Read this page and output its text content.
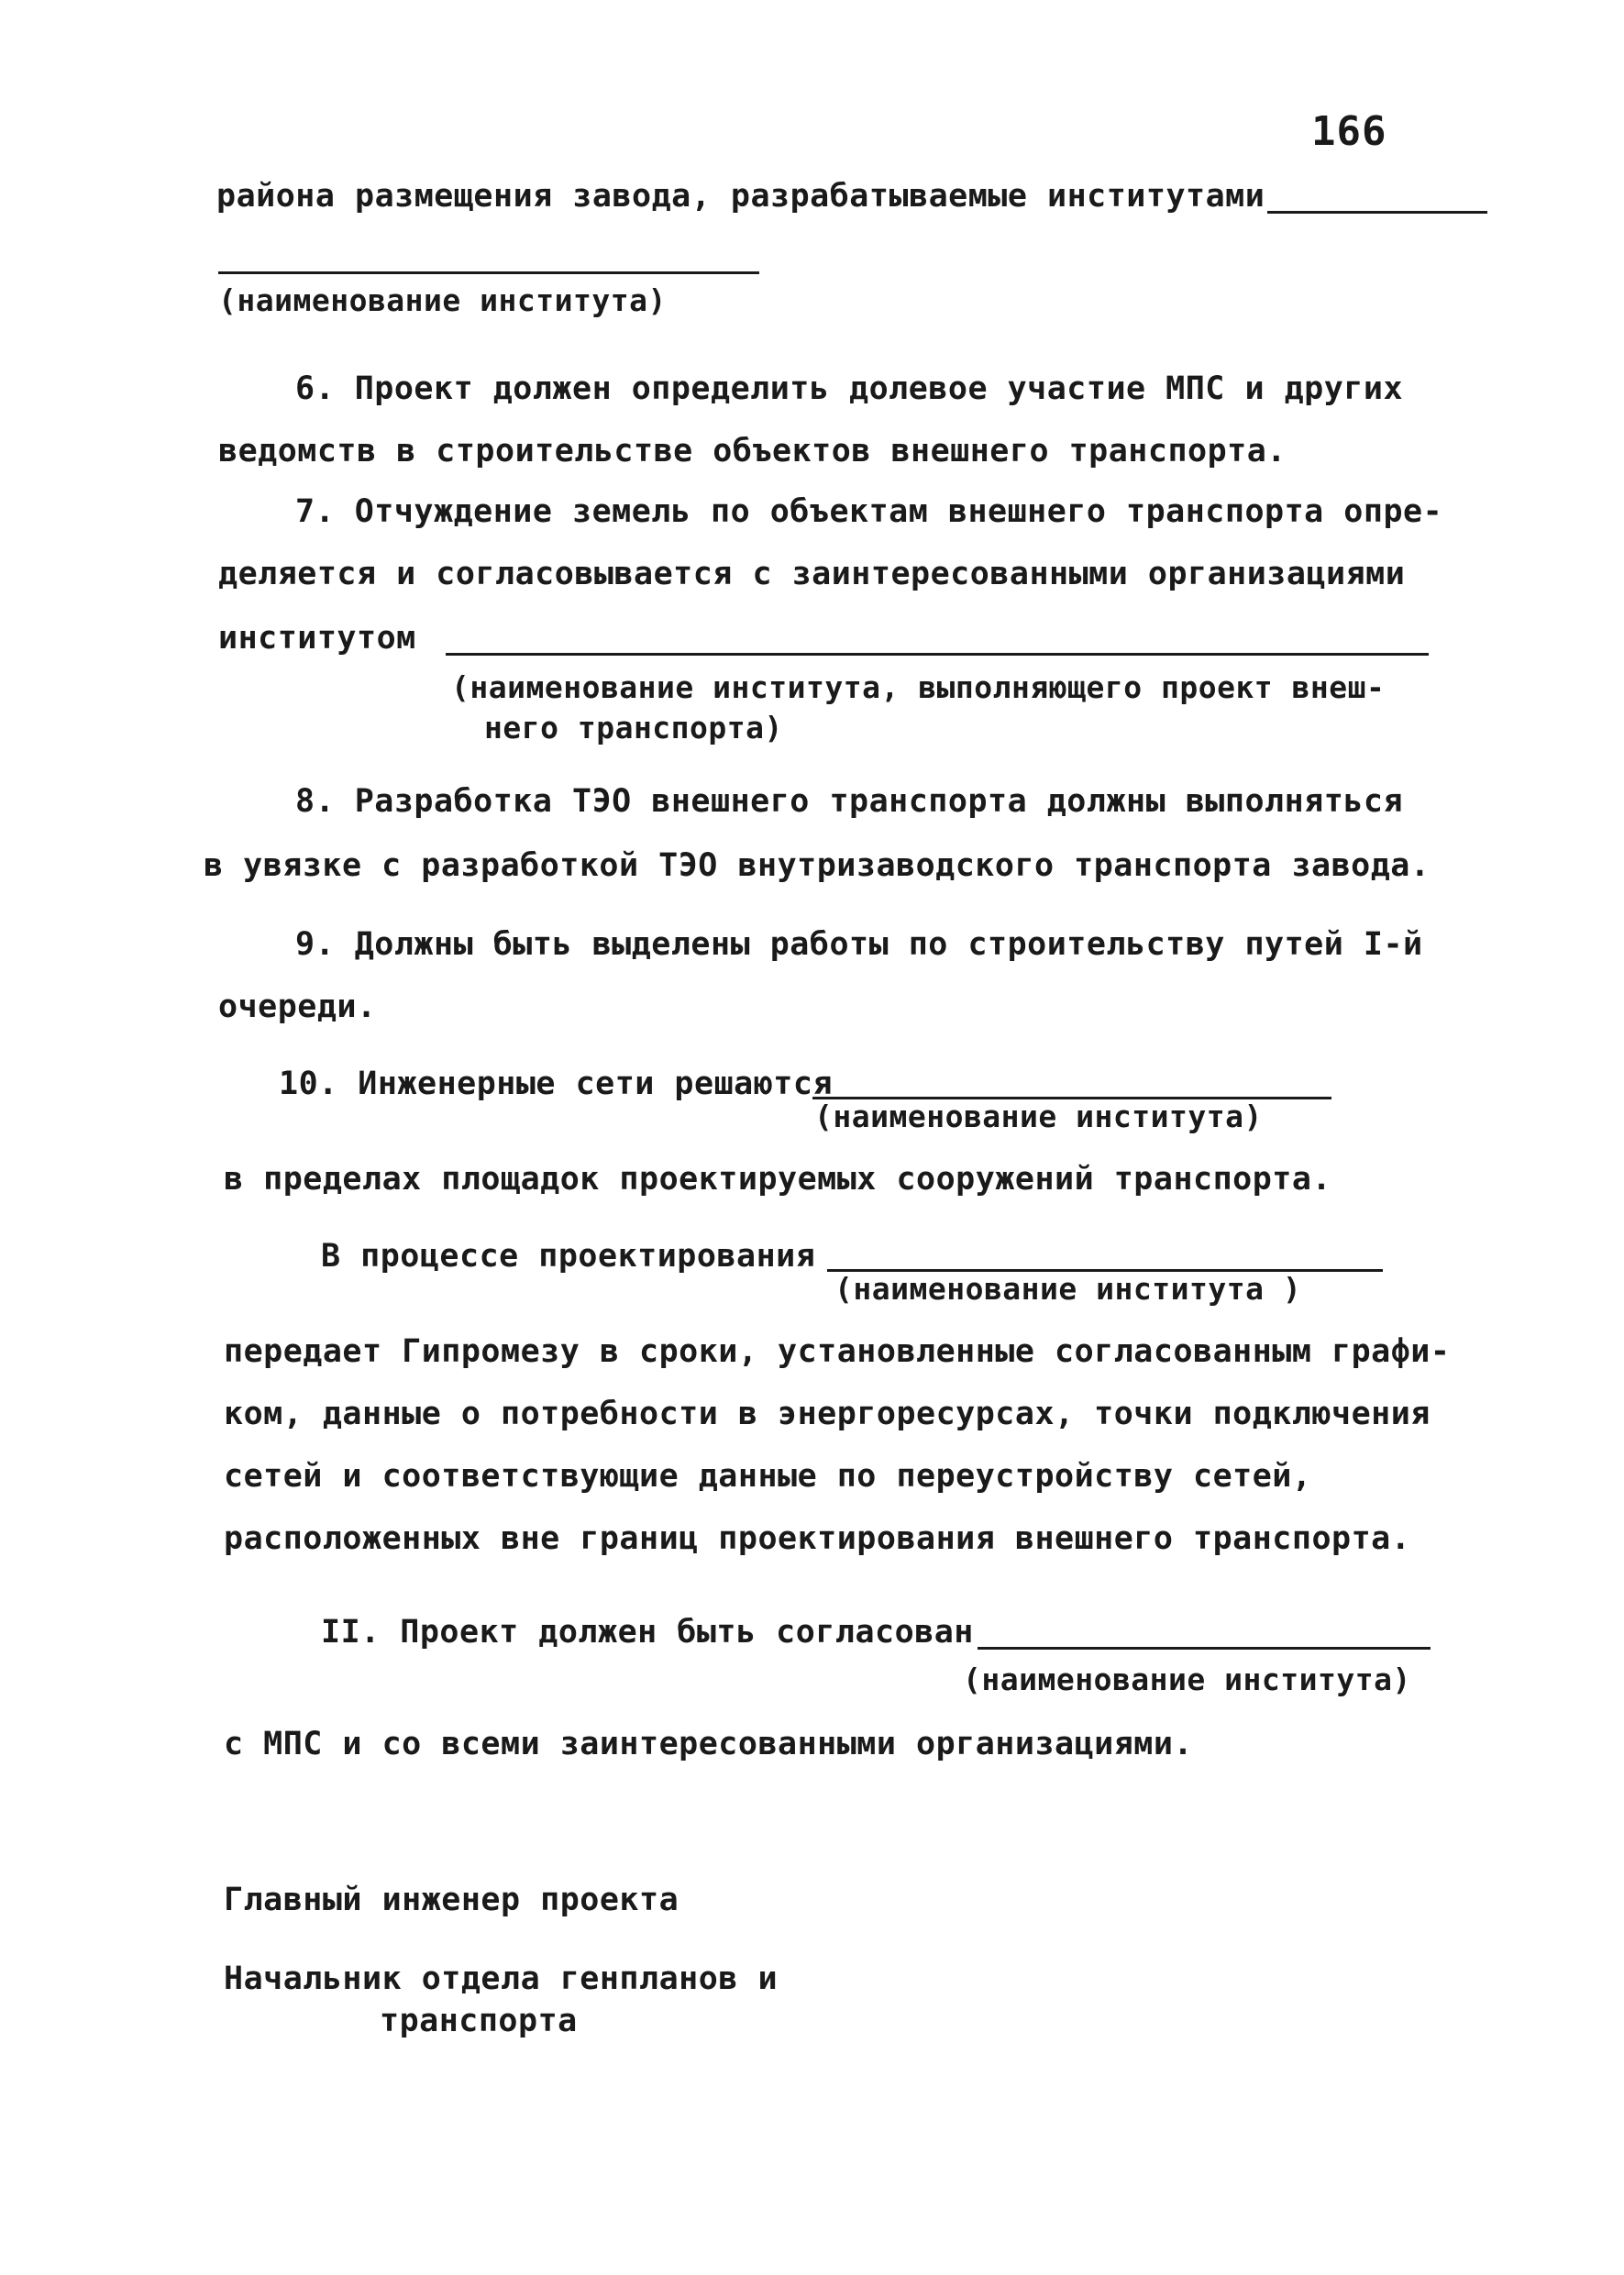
166
района размещения завода, разрабатываемые институтами
(наименование института)
6. Проект должен определить долевое участие МПС и других
ведомств в строительстве объектов внешнего транспорта.
7. Отчуждение земель по объектам внешнего транспорта опре-
деляется и согласовывается с заинтересованными организациями
институтом
(наименование института, выполняющего проект внеш-
него транспорта)
8. Разработка ТЭО внешнего транспорта должны выполняться
в увязке с разработкой ТЭО внутризаводского транспорта завода.
9. Должны быть выделены работы по строительству путей I-й
очереди.
10. Инженерные сети решаются
(наименование института)
в пределах площадок проектируемых сооружений транспорта.
В процессе проектирования
(наименование института )
передает Гипромезу в сроки, установленные согласованным графи-
ком, данные о потребности в энергоресурсах, точки подключения
сетей и соответствующие данные по переустройству сетей,
расположенных вне границ проектирования внешнего транспорта.
II. Проект должен быть согласован
(наименование института)
с МПС и со всеми заинтересованными организациями.
Главный инженер проекта
Начальник отдела генпланов и
транспорта
